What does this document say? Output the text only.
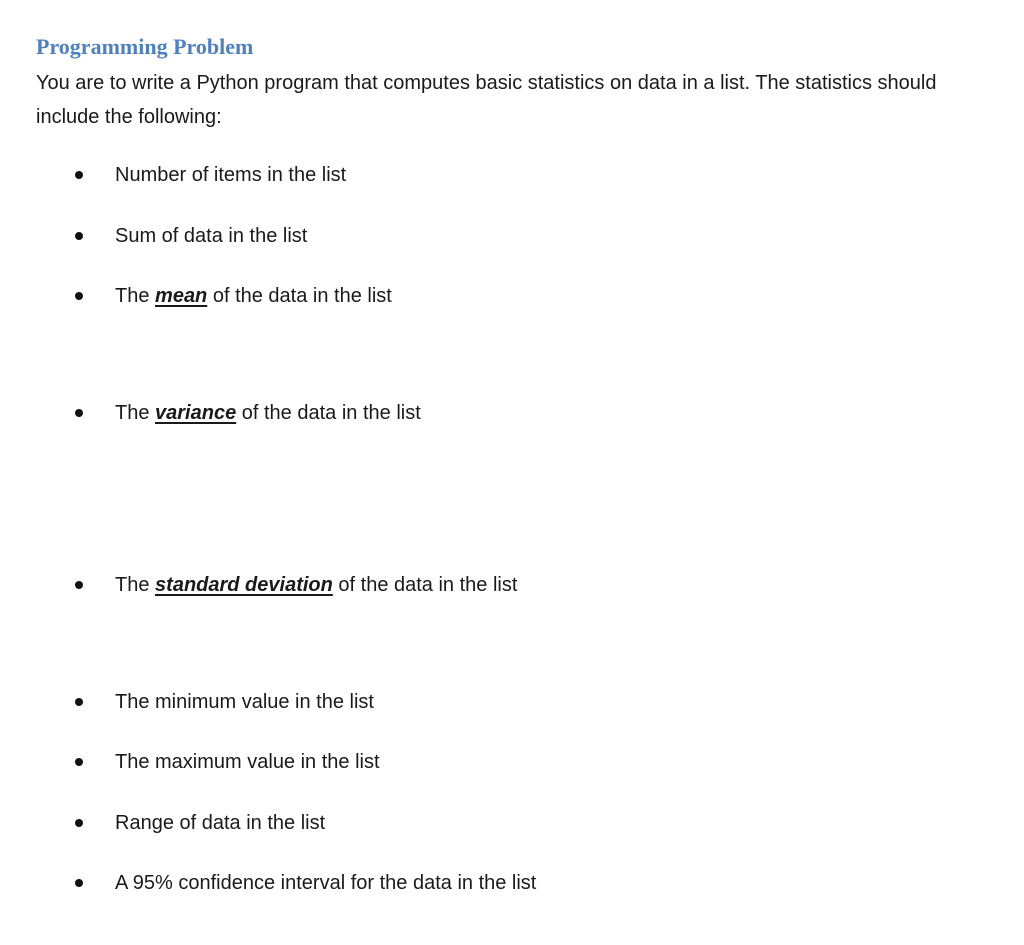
Programming Problem
You are to write a Python program that computes basic statistics on data in a list. The statistics should include the following:
Number of items in the list
Sum of data in the list
The mean of the data in the list
The variance of the data in the list
The standard deviation of the data in the list
The minimum value in the list
The maximum value in the list
Range of data in the list
A 95% confidence interval for the data in the list
